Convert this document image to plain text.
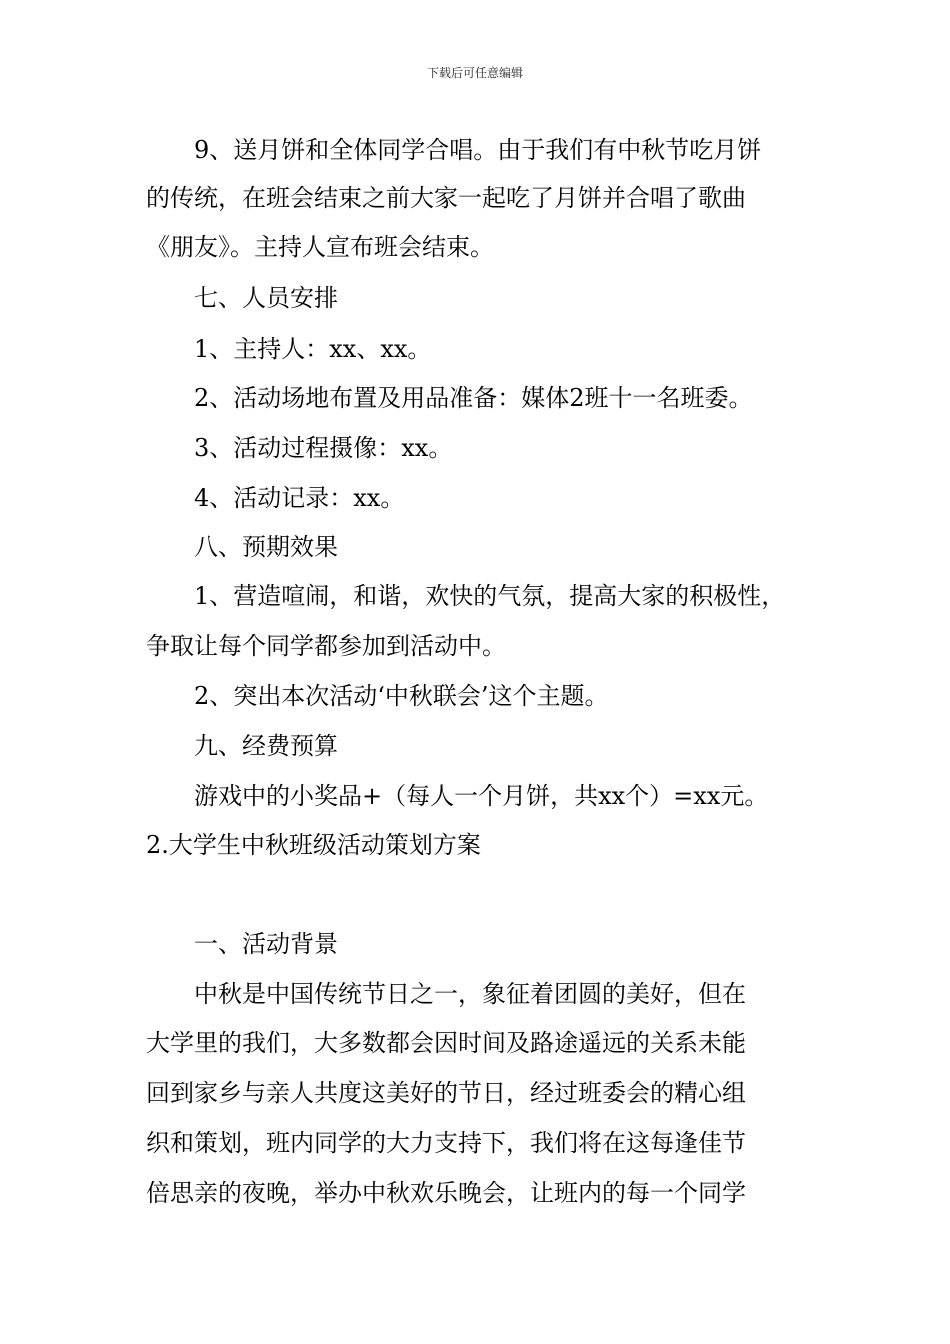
下载后可任意编辑
9、送月饼和全体同学合唱。由于我们有中秋节吃月饼
的传统，在班会结束之前大家一起吃了月饼并合唱了歌曲
《朋友》。主持人宣布班会结束。
七、人员安排
1、主持人：xx、xx。
2、活动场地布置及用品准备：媒体2班十一名班委。
3、活动过程摄像：xx。
4、活动记录：xx。
八、预期效果
1、营造喧闹，和谐，欢快的气氛，提高大家的积极性，
争取让每个同学都参加到活动中。
2、突出本次活动‘中秋联会’这个主题。
九、经费预算
游戏中的小奖品+（每人一个月饼，共xx个）=xx元。
2.大学生中秋班级活动策划方案
一、活动背景
中秋是中国传统节日之一，象征着团圆的美好，但在
大学里的我们，大多数都会因时间及路途遥远的关系未能
回到家乡与亲人共度这美好的节日，经过班委会的精心组
织和策划，班内同学的大力支持下，我们将在这每逢佳节
倍思亲的夜晚，举办中秋欢乐晚会，让班内的每一个同学
